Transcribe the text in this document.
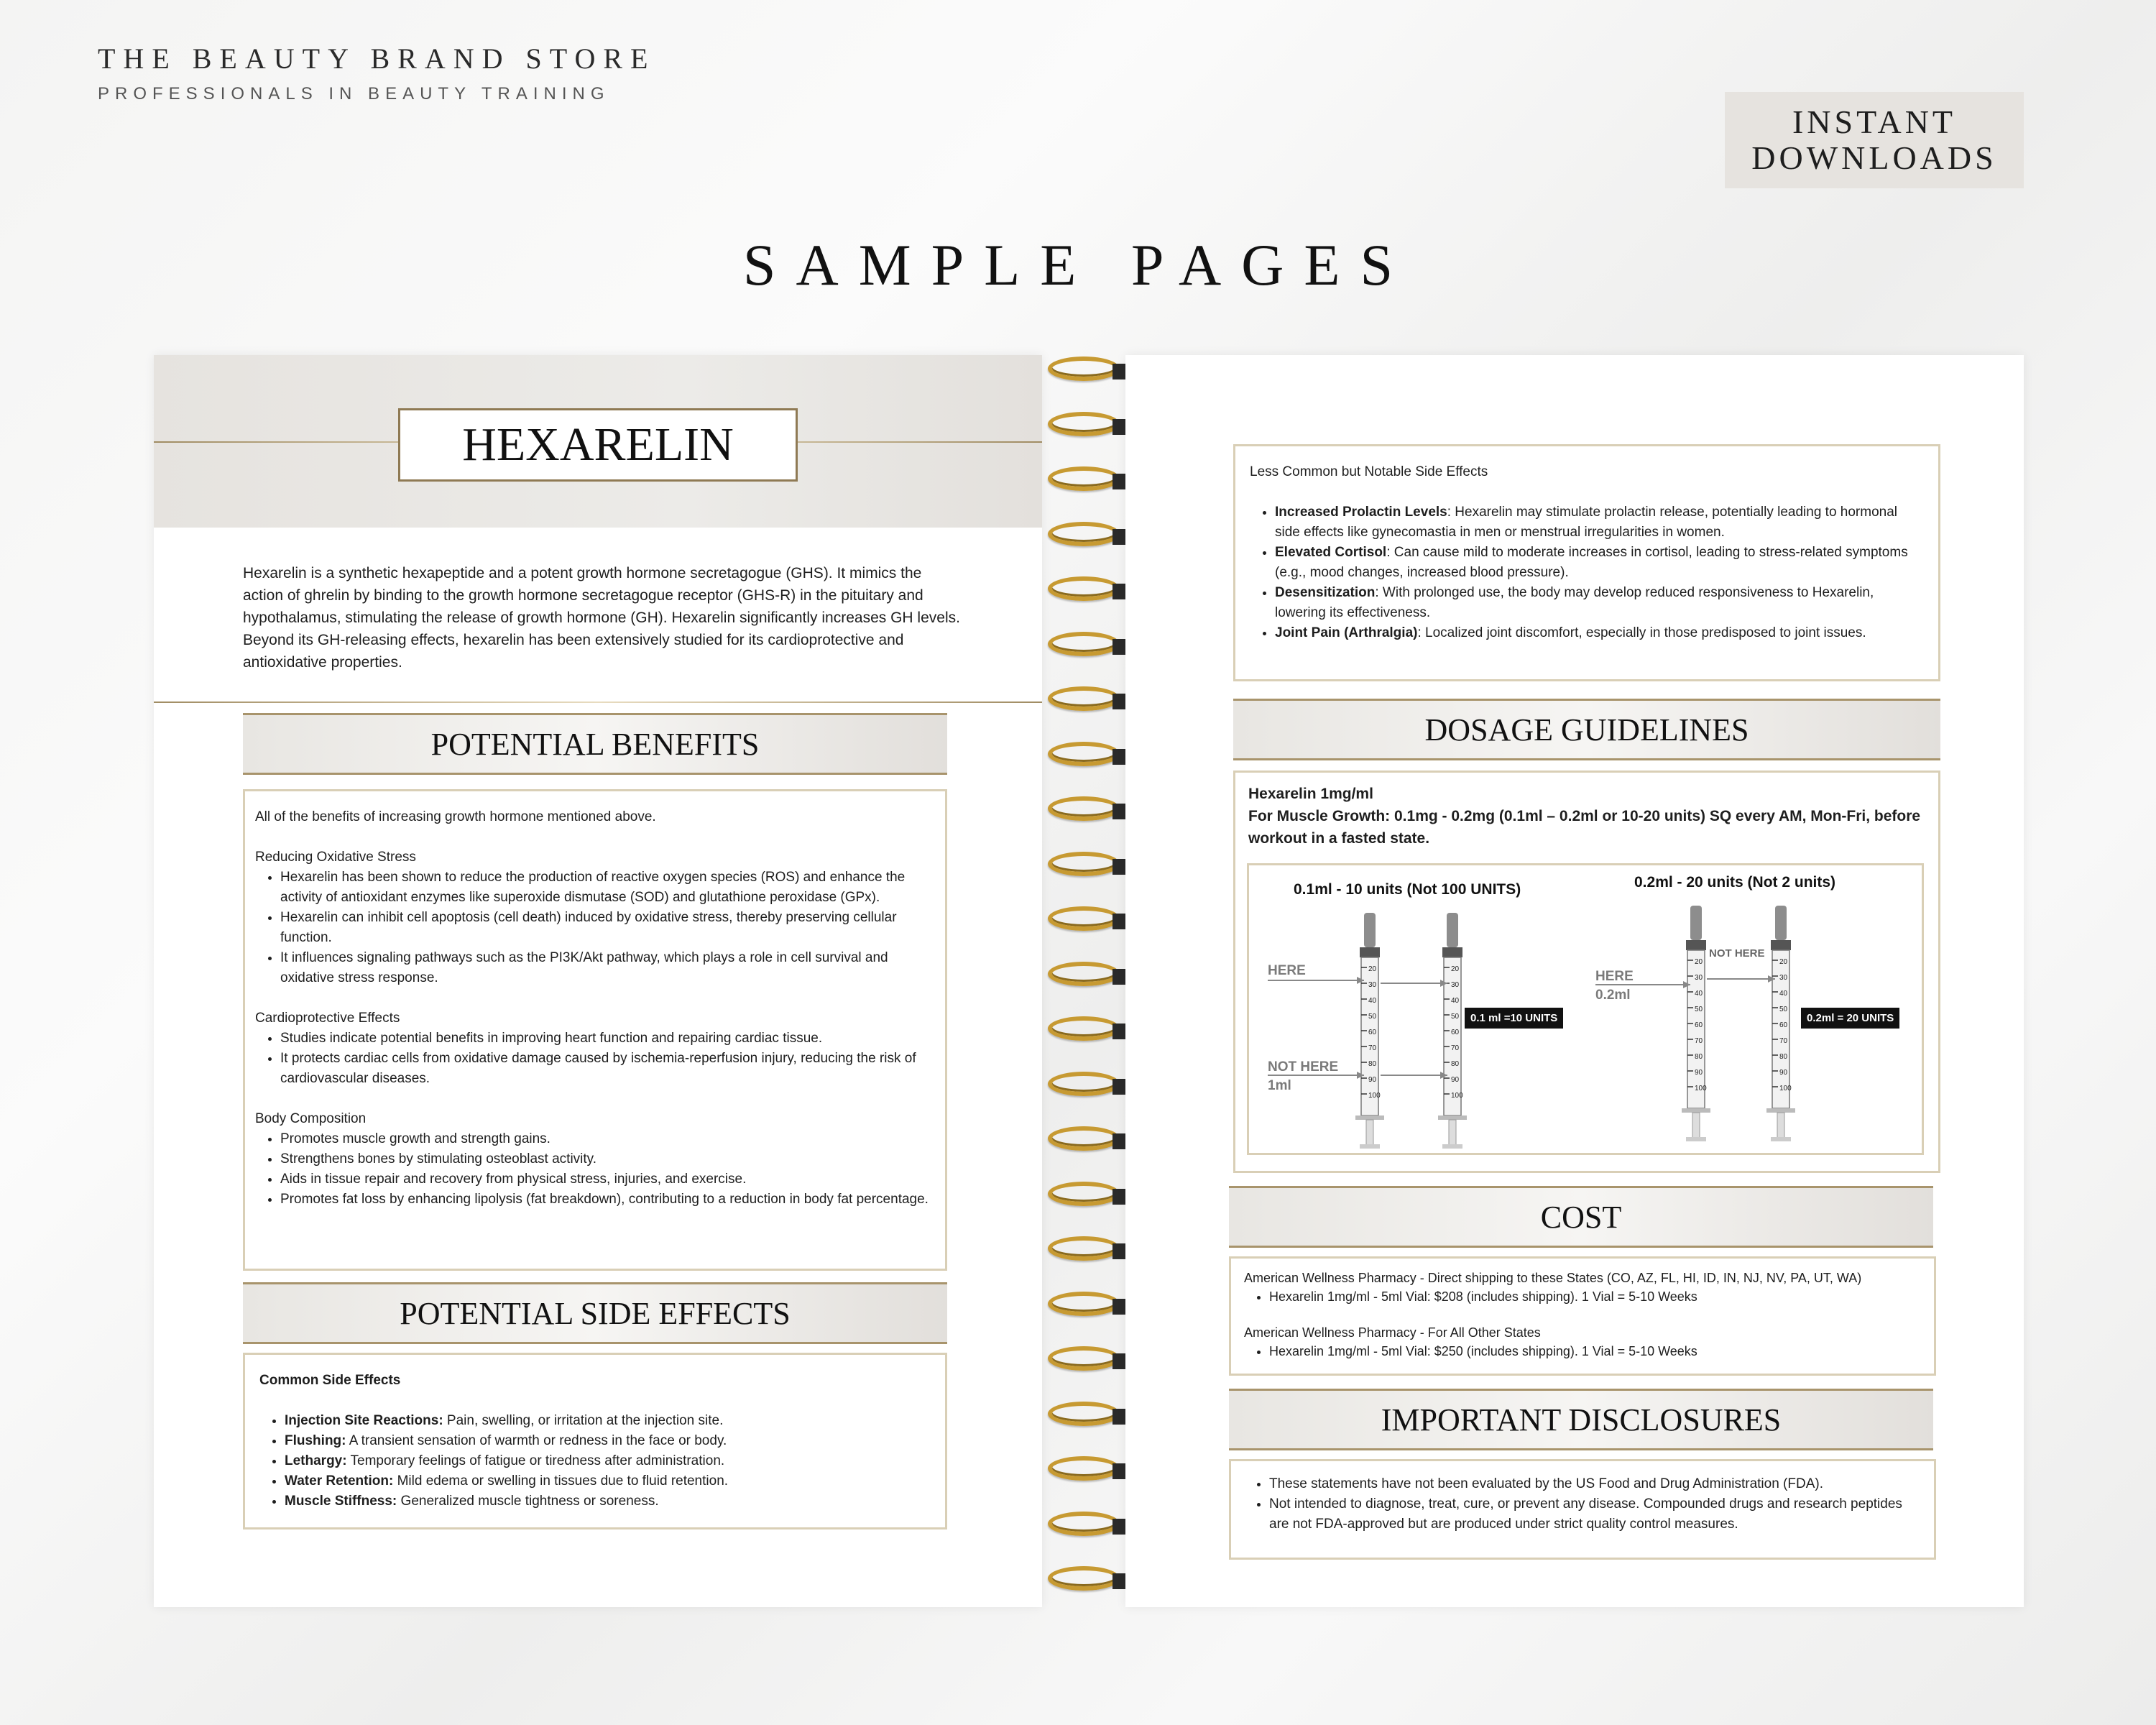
THE BEAUTY BRAND STORE
PROFESSIONALS IN BEAUTY TRAINING
INSTANT
DOWNLOADS
SAMPLE PAGES
HEXARELIN
Hexarelin is a synthetic hexapeptide and a potent growth hormone secretagogue (GHS). It mimics the action of ghrelin by binding to the growth hormone secretagogue receptor (GHS-R) in the pituitary and hypothalamus, stimulating the release of growth hormone (GH). Hexarelin significantly increases GH levels. Beyond its GH-releasing effects, hexarelin has been extensively studied for its cardioprotective and antioxidative properties.
POTENTIAL BENEFITS

All of the benefits of increasing growth hormone mentioned above.

Reducing Oxidative Stress

• Hexarelin has been shown to reduce the production of reactive oxygen species (ROS) and enhance the activity of antioxidant enzymes like superoxide dismutase (SOD) and glutathione peroxidase (GPx).
• Hexarelin can inhibit cell apoptosis (cell death) induced by oxidative stress, thereby preserving cellular function.
• It influences signaling pathways such as the PI3K/Akt pathway, which plays a role in cell survival and oxidative stress response.

Cardioprotective Effects

• Studies indicate potential benefits in improving heart function and repairing cardiac tissue.
• It protects cardiac cells from oxidative damage caused by ischemia-reperfusion injury, reducing the risk of cardiovascular diseases.

Body Composition

• Promotes muscle growth and strength gains.
• Strengthens bones by stimulating osteoblast activity.
• Aids in tissue repair and recovery from physical stress, injuries, and exercise.
• Promotes fat loss by enhancing lipolysis (fat breakdown), contributing to a reduction in body fat percentage.
POTENTIAL SIDE EFFECTS

Common Side Effects

• Injection Site Reactions: Pain, swelling, or irritation at the injection site.
• Flushing: A transient sensation of warmth or redness in the face or body.
• Lethargy: Temporary feelings of fatigue or tiredness after administration.
• Water Retention: Mild edema or swelling in tissues due to fluid retention.
• Muscle Stiffness: Generalized muscle tightness or soreness.

Less Common but Notable Side Effects

• Increased Prolactin Levels: Hexarelin may stimulate prolactin release, potentially leading to hormonal side effects like gynecomastia in men or menstrual irregularities in women.
• Elevated Cortisol: Can cause mild to moderate increases in cortisol, leading to stress-related symptoms (e.g., mood changes, increased blood pressure).
• Desensitization: With prolonged use, the body may develop reduced responsiveness to Hexarelin, lowering its effectiveness.
• Joint Pain (Arthralgia): Localized joint discomfort, especially in those predisposed to joint issues.
DOSAGE GUIDELINES

Hexarelin 1mg/ml

For Muscle Growth: 0.1mg - 0.2mg (0.1ml – 0.2ml or 10-20 units) SQ every AM, Mon-Fri, before workout in a fasted state.

20
30
40
50
60
70
80
90
100
20
30
40
50
60
70
80
90
100
20
30
40
50
60
70
80
90
100
20
30
40
50
60
70
80
90
100
0.1ml - 10 units (Not 100 UNITS)	0.2ml - 20 units (Not 2 units)
HERE
NOT HERE
1ml
0.1 ml =10 UNITS
HERE
0.2ml
NOT HERE
0.2ml = 20 UNITS
COST

American Wellness Pharmacy - Direct shipping to these States (CO, AZ, FL, HI, ID, IN, NJ, NV, PA, UT, WA)

• Hexarelin 1mg/ml - 5ml Vial: $208 (includes shipping). 1 Vial = 5-10 Weeks

American Wellness Pharmacy - For All Other States

• Hexarelin 1mg/ml - 5ml Vial: $250 (includes shipping). 1 Vial = 5-10 Weeks
IMPORTANT DISCLOSURES
• These statements have not been evaluated by the US Food and Drug Administration (FDA).
• Not intended to diagnose, treat, cure, or prevent any disease. Compounded drugs and research peptides are not FDA-approved but are produced under strict quality control measures.
